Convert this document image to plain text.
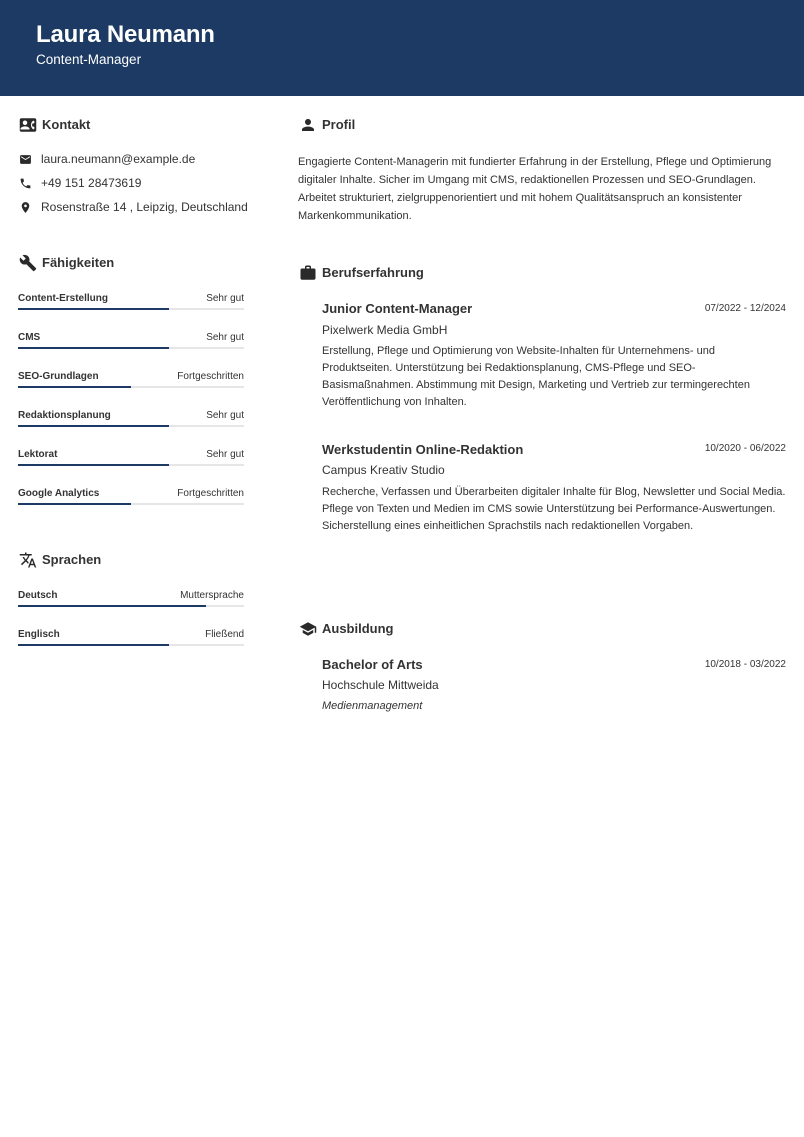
Laura Neumann
Content-Manager
Kontakt
laura.neumann@example.de
+49 151 28473619
Rosenstraße 14 , Leipzig, Deutschland
Fähigkeiten
Content-Erstellung	Sehr gut
CMS	Sehr gut
SEO-Grundlagen	Fortgeschritten
Redaktionsplanung	Sehr gut
Lektorat	Sehr gut
Google Analytics	Fortgeschritten
Sprachen
Deutsch	Muttersprache
Englisch	Fließend
Profil
Engagierte Content-Managerin mit fundierter Erfahrung in der Erstellung, Pflege und Optimierung digitaler Inhalte. Sicher im Umgang mit CMS, redaktionellen Prozessen und SEO-Grundlagen. Arbeitet strukturiert, zielgruppenorientiert und mit hohem Qualitätsanspruch an konsistenter Markenkommunikation.
Berufserfahrung
Junior Content-Manager	07/2022 - 12/2024
Pixelwerk Media GmbH
Erstellung, Pflege und Optimierung von Website-Inhalten für Unternehmens- und Produktseiten. Unterstützung bei Redaktionsplanung, CMS-Pflege und SEO-Basismaßnahmen. Abstimmung mit Design, Marketing und Vertrieb zur termingerechten Veröffentlichung von Inhalten.
Werkstudentin Online-Redaktion	10/2020 - 06/2022
Campus Kreativ Studio
Recherche, Verfassen und Überarbeiten digitaler Inhalte für Blog, Newsletter und Social Media. Pflege von Texten und Medien im CMS sowie Unterstützung bei Performance-Auswertungen. Sicherstellung eines einheitlichen Sprachstils nach redaktionellen Vorgaben.
Ausbildung
Bachelor of Arts	10/2018 - 03/2022
Hochschule Mittweida
Medienmanagement
